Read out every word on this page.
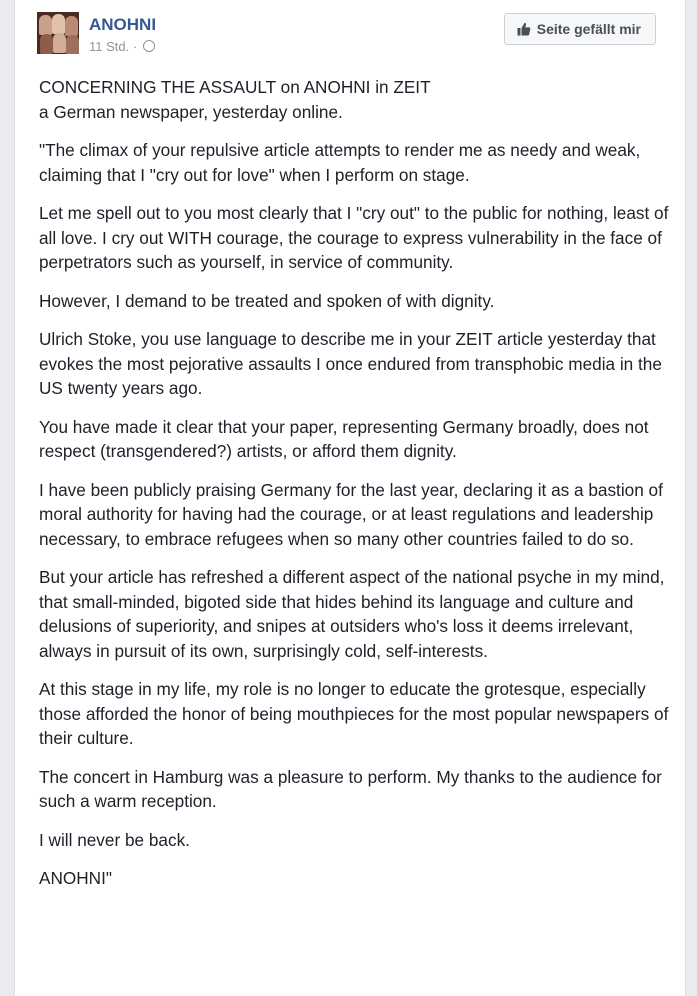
ANOHNI
11 Std. ·
Seite gefällt mir

CONCERNING THE ASSAULT on ANOHNI in ZEIT
a German newspaper, yesterday online.

"The climax of your repulsive article attempts to render me as needy and weak, claiming that I "cry out for love" when I perform on stage.

Let me spell out to you most clearly that I "cry out" to the public for nothing, least of all love. I cry out WITH courage, the courage to express vulnerability in the face of perpetrators such as yourself, in service of community.

However, I demand to be treated and spoken of with dignity.

Ulrich Stoke, you use language to describe me in your ZEIT article yesterday that evokes the most pejorative assaults I once endured from transphobic media in the US twenty years ago.

You have made it clear that your paper, representing Germany broadly, does not respect (transgendered?) artists, or afford them dignity.

I have been publicly praising Germany for the last year, declaring it as a bastion of moral authority for having had the courage, or at least regulations and leadership necessary, to embrace refugees when so many other countries failed to do so.

But your article has refreshed a different aspect of the national psyche in my mind, that small-minded, bigoted side that hides behind its language and culture and delusions of superiority, and snipes at outsiders who's loss it deems irrelevant, always in pursuit of its own, surprisingly cold, self-interests.

At this stage in my life, my role is no longer to educate the grotesque, especially those afforded the honor of being mouthpieces for the most popular newspapers of their culture.

The concert in Hamburg was a pleasure to perform. My thanks to the audience for such a warm reception.

I will never be back.

ANOHNI"
